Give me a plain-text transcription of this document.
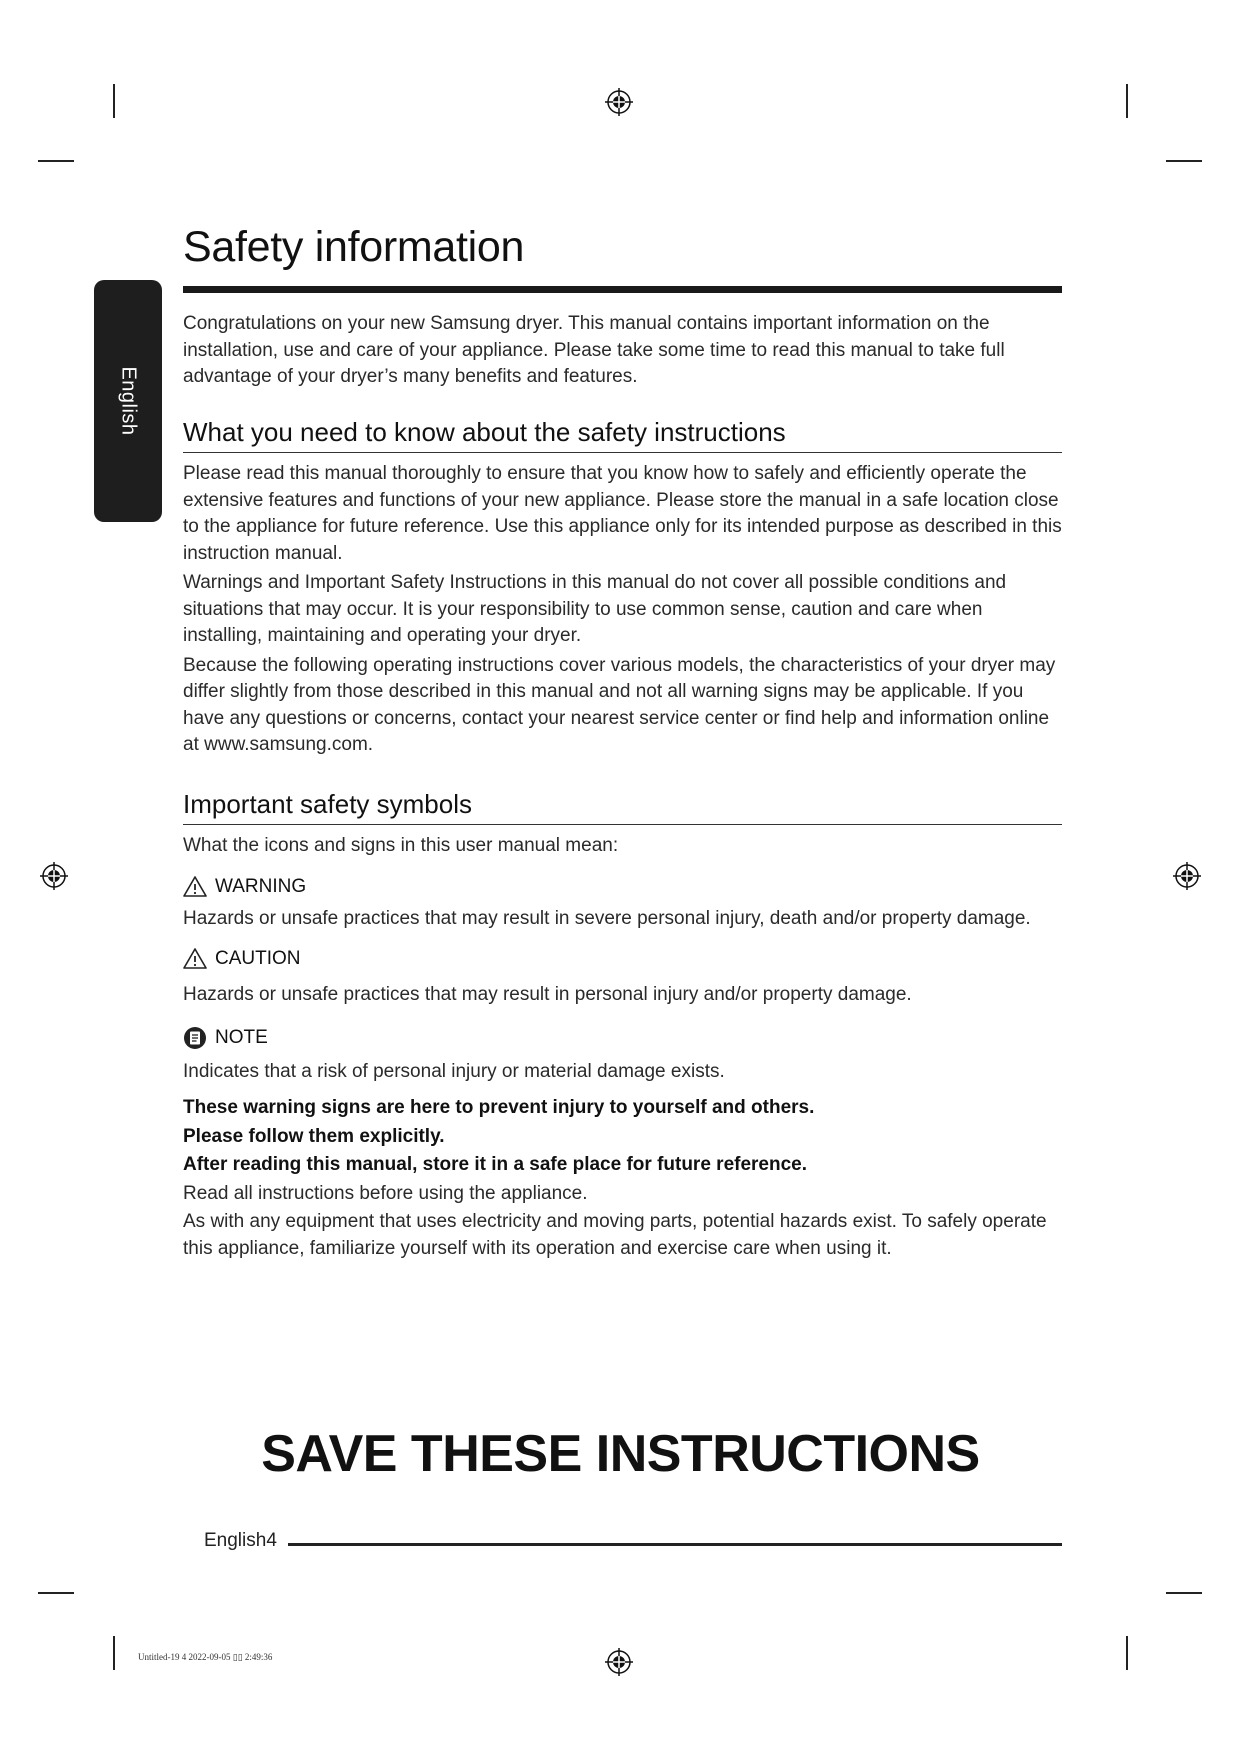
English
Safety information

Congratulations on your new Samsung dryer. This manual contains important information on the installation, use and care of your appliance. Please take some time to read this manual to take full advantage of your dryer’s many benefits and features.

What you need to know about the safety instructions

Please read this manual thoroughly to ensure that you know how to safely and efficiently operate the extensive features and functions of your new appliance. Please store the manual in a safe location close to the appliance for future reference. Use this appliance only for its intended purpose as described in this instruction manual.

Warnings and Important Safety Instructions in this manual do not cover all possible conditions and situations that may occur. It is your responsibility to use common sense, caution and care when installing, maintaining and operating your dryer.

Because the following operating instructions cover various models, the characteristics of your dryer may differ slightly from those described in this manual and not all warning signs may be applicable. If you have any questions or concerns, contact your nearest service center or find help and information online at www.samsung.com.

Important safety symbols

What the icons and signs in this user manual mean:

WARNING

Hazards or unsafe practices that may result in severe personal injury, death and/or property damage.

CAUTION

Hazards or unsafe practices that may result in personal injury and/or property damage.

NOTE

Indicates that a risk of personal injury or material damage exists.

These warning signs are here to prevent injury to yourself and others.

Please follow them explicitly.

After reading this manual, store it in a safe place for future reference.

Read all instructions before using the appliance.

As with any equipment that uses electricity and moving parts, potential hazards exist. To safely operate this appliance, familiarize yourself with its operation and exercise care when using it.

SAVE THESE INSTRUCTIONS
English4
Untitled-19 4 2022-09-05 ▯▯ 2:49:36
